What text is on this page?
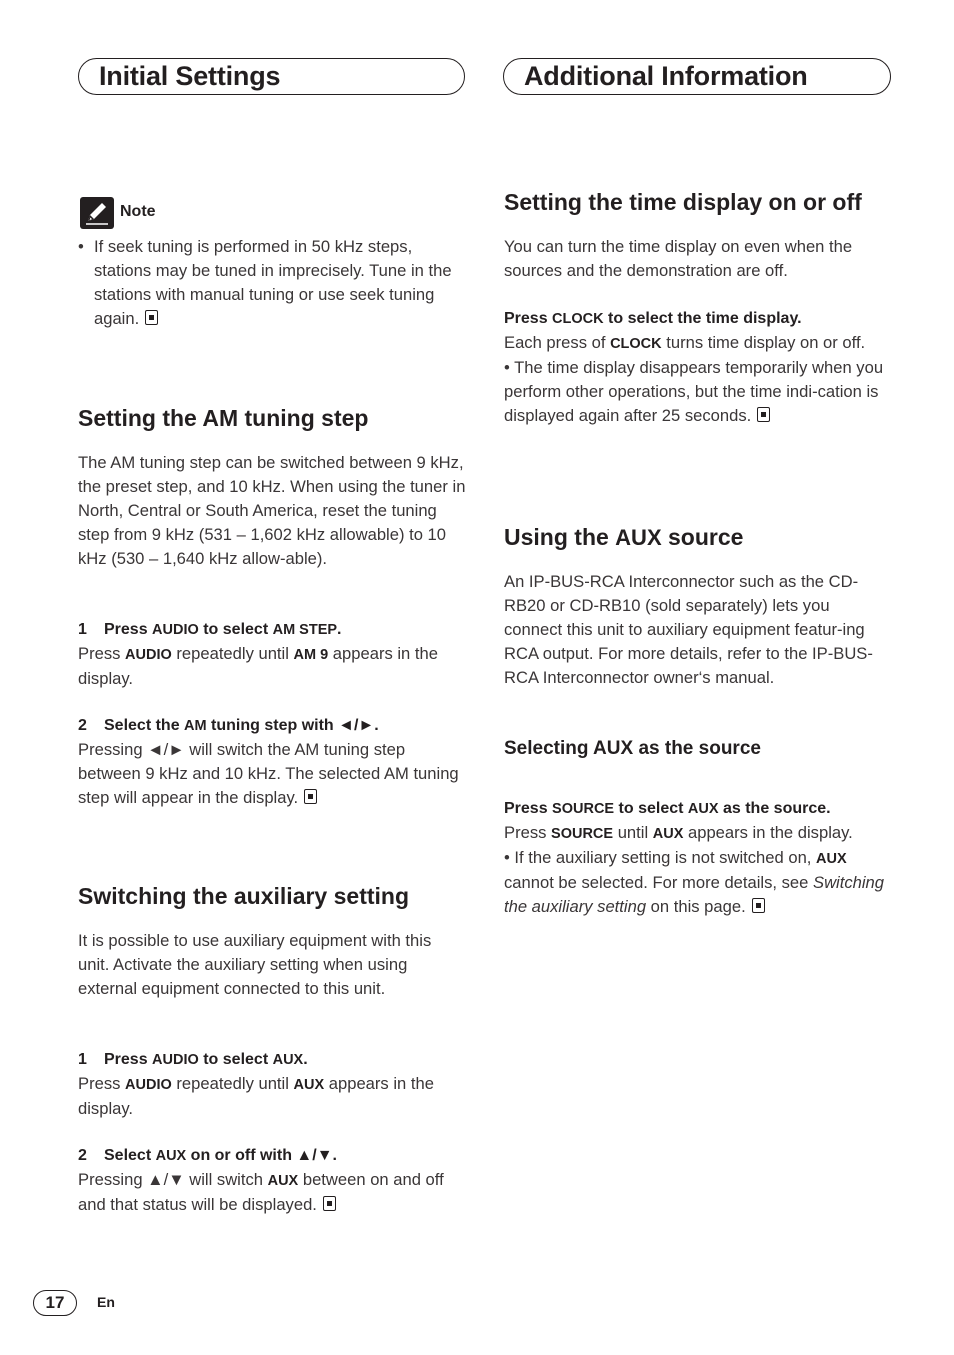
Initial Settings	Additional Information
Note

• If seek tuning is performed in 50 kHz steps, stations may be tuned in imprecisely. Tune in the stations with manual tuning or use seek tuning again.

Setting the AM tuning step

The AM tuning step can be switched between 9 kHz, the preset step, and 10 kHz. When using the tuner in North, Central or South America, reset the tuning step from 9 kHz (531 – 1,602 kHz allowable) to 10 kHz (530 – 1,640 kHz allow-able).

1 Press AUDIO to select AM STEP.

Press AUDIO repeatedly until AM 9 appears in the display.

2 Select the AM tuning step with ◄/►.

Pressing ◄/► will switch the AM tuning step between 9 kHz and 10 kHz. The selected AM tuning step will appear in the display.

Switching the auxiliary setting

It is possible to use auxiliary equipment with this unit. Activate the auxiliary setting when using external equipment connected to this unit.

1 Press AUDIO to select AUX.

Press AUDIO repeatedly until AUX appears in the display.

2 Select AUX on or off with ▲/▼.

Pressing ▲/▼ will switch AUX between on and off and that status will be displayed.

Setting the time display on or off

You can turn the time display on even when the sources and the demonstration are off.

Press CLOCK to select the time display.

Each press of CLOCK turns time display on or off.
• The time display disappears temporarily when you perform other operations, but the time indi-cation is displayed again after 25 seconds.

Using the AUX source

An IP-BUS-RCA Interconnector such as the CD-RB20 or CD-RB10 (sold separately) lets you connect this unit to auxiliary equipment featur-ing RCA output. For more details, refer to the IP-BUS-RCA Interconnector owner‘s manual.

Selecting AUX as the source

Press SOURCE to select AUX as the source.

Press SOURCE until AUX appears in the display.
• If the auxiliary setting is not switched on, AUX cannot be selected. For more details, see Switching the auxiliary setting on this page.

17	En
